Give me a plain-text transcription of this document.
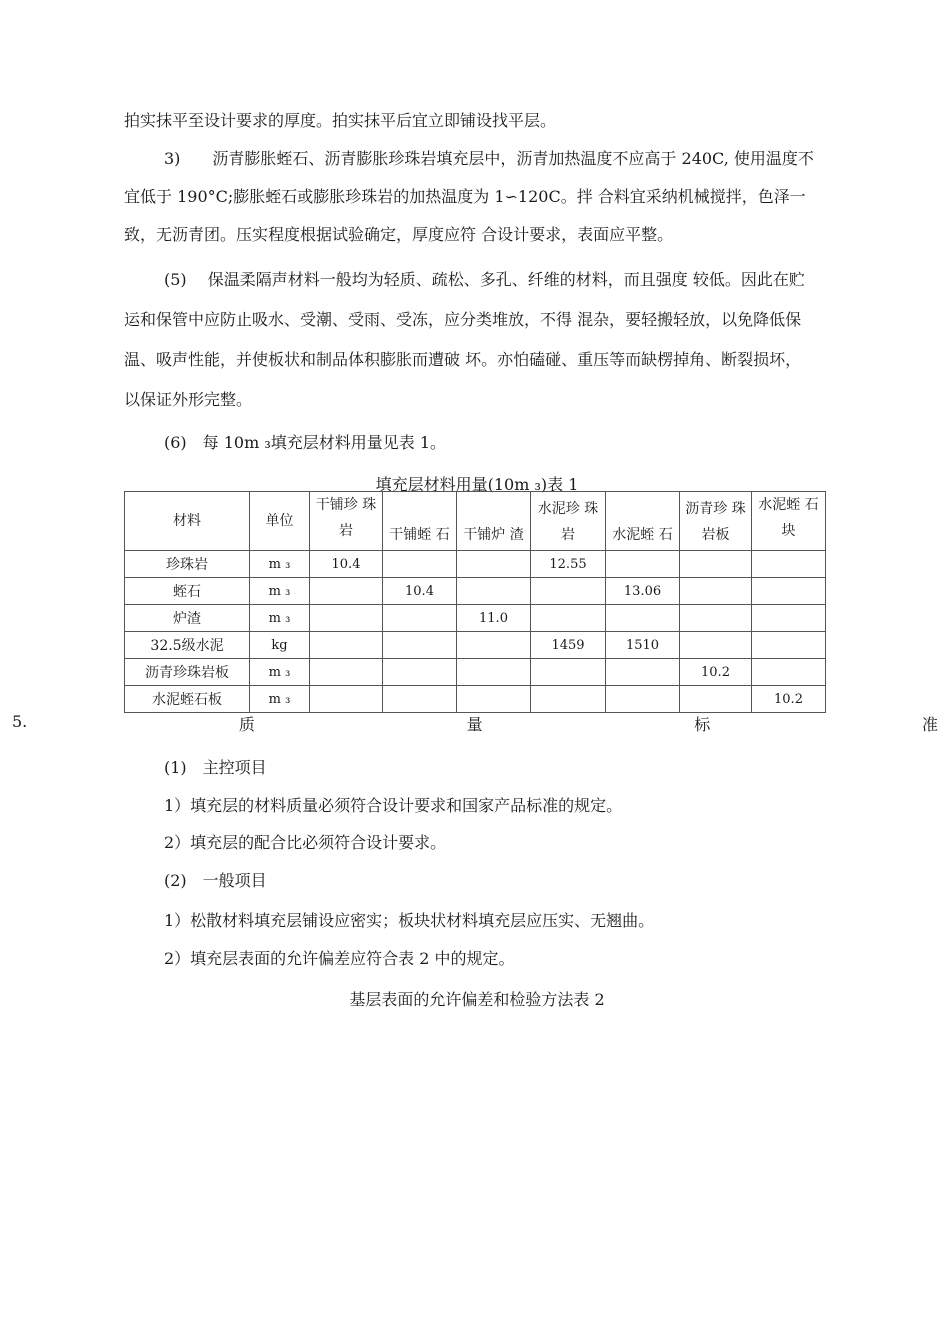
拍实抹平至设计要求的厚度。拍实抹平后宜立即铺设找平层。
3)　　沥青膨胀蛭石、沥青膨胀珍珠岩填充层中，沥青加热温度不应高于 240C, 使用温度不
宜低于 190°C;膨胀蛭石或膨胀珍珠岩的加热温度为 1∽120C。拌 合料宜采纳机械搅拌，色泽一
致，无沥青团。压实程度根据试验确定，厚度应符 合设计要求，表面应平整。
(5)　 保温柔隔声材料一般均为轻质、疏松、多孔、纤维的材料，而且强度 较低。因此在贮
运和保管中应防止吸水、受潮、受雨、受冻，应分类堆放，不得 混杂，要轻搬轻放，以免降低保
温、吸声性能，并使板状和制品体积膨胀而遭破 坏。亦怕磕碰、重压等而缺楞掉角、断裂损坏，
以保证外形完整。
(6)　每 10m ₃填充层材料用量见表 1。
填充层材料用量(10m ₃)表 1
材料	单位	干铺珍 珠岩	干铺蛭 石	干铺炉 渣	水泥珍 珠岩	水泥蛭 石	沥青珍 珠岩板	水泥蛭 石块
珍珠岩	m ₃	10.4			12.55			
蛭石	m ₃		10.4			13.06		
炉渣	m ₃			11.0				
32.5级水泥	kg				1459	1510		
沥青珍珠岩板	m ₃						10.2	
水泥蛭石板	m ₃							10.2
5.	质	量	标	准
(1)　主控项目
1）填充层的材料质量必须符合设计要求和国家产品标准的规定。
2）填充层的配合比必须符合设计要求。
(2)　一般项目
1）松散材料填充层铺设应密实；板块状材料填充层应压实、无翘曲。
2）填充层表面的允许偏差应符合表 2 中的规定。
基层表面的允许偏差和检验方法表 2
